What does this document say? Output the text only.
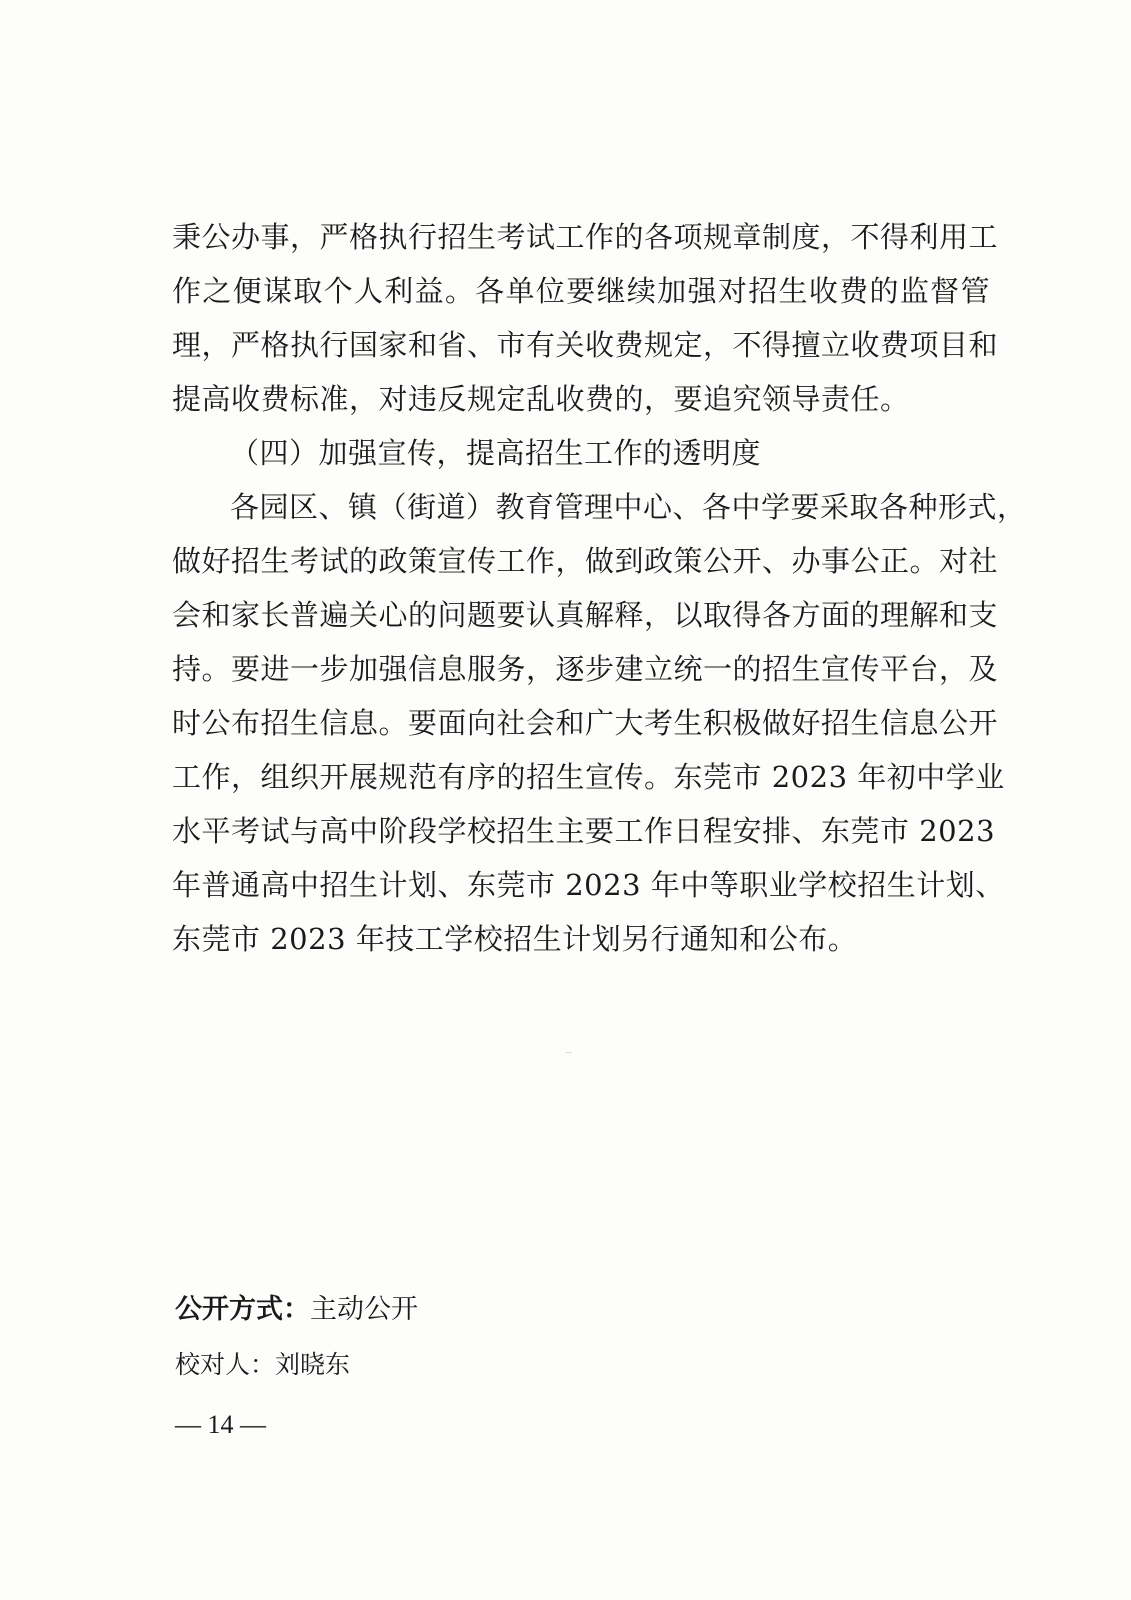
秉公办事，严格执行招生考试工作的各项规章制度，不得利用工
作之便谋取个人利益。各单位要继续加强对招生收费的监督管
理，严格执行国家和省、市有关收费规定，不得擅立收费项目和
提高收费标准，对违反规定乱收费的，要追究领导责任。
（四）加强宣传，提高招生工作的透明度
各园区、镇（街道）教育管理中心、各中学要采取各种形式，
做好招生考试的政策宣传工作，做到政策公开、办事公正。对社
会和家长普遍关心的问题要认真解释，以取得各方面的理解和支
持。要进一步加强信息服务，逐步建立统一的招生宣传平台，及
时公布招生信息。要面向社会和广大考生积极做好招生信息公开
工作，组织开展规范有序的招生宣传。东莞市 2023 年初中学业
水平考试与高中阶段学校招生主要工作日程安排、东莞市 2023
年普通高中招生计划、东莞市 2023 年中等职业学校招生计划、
东莞市 2023 年技工学校招生计划另行通知和公布。
公开方式：主动公开
校对人：刘晓东
— 14 —
